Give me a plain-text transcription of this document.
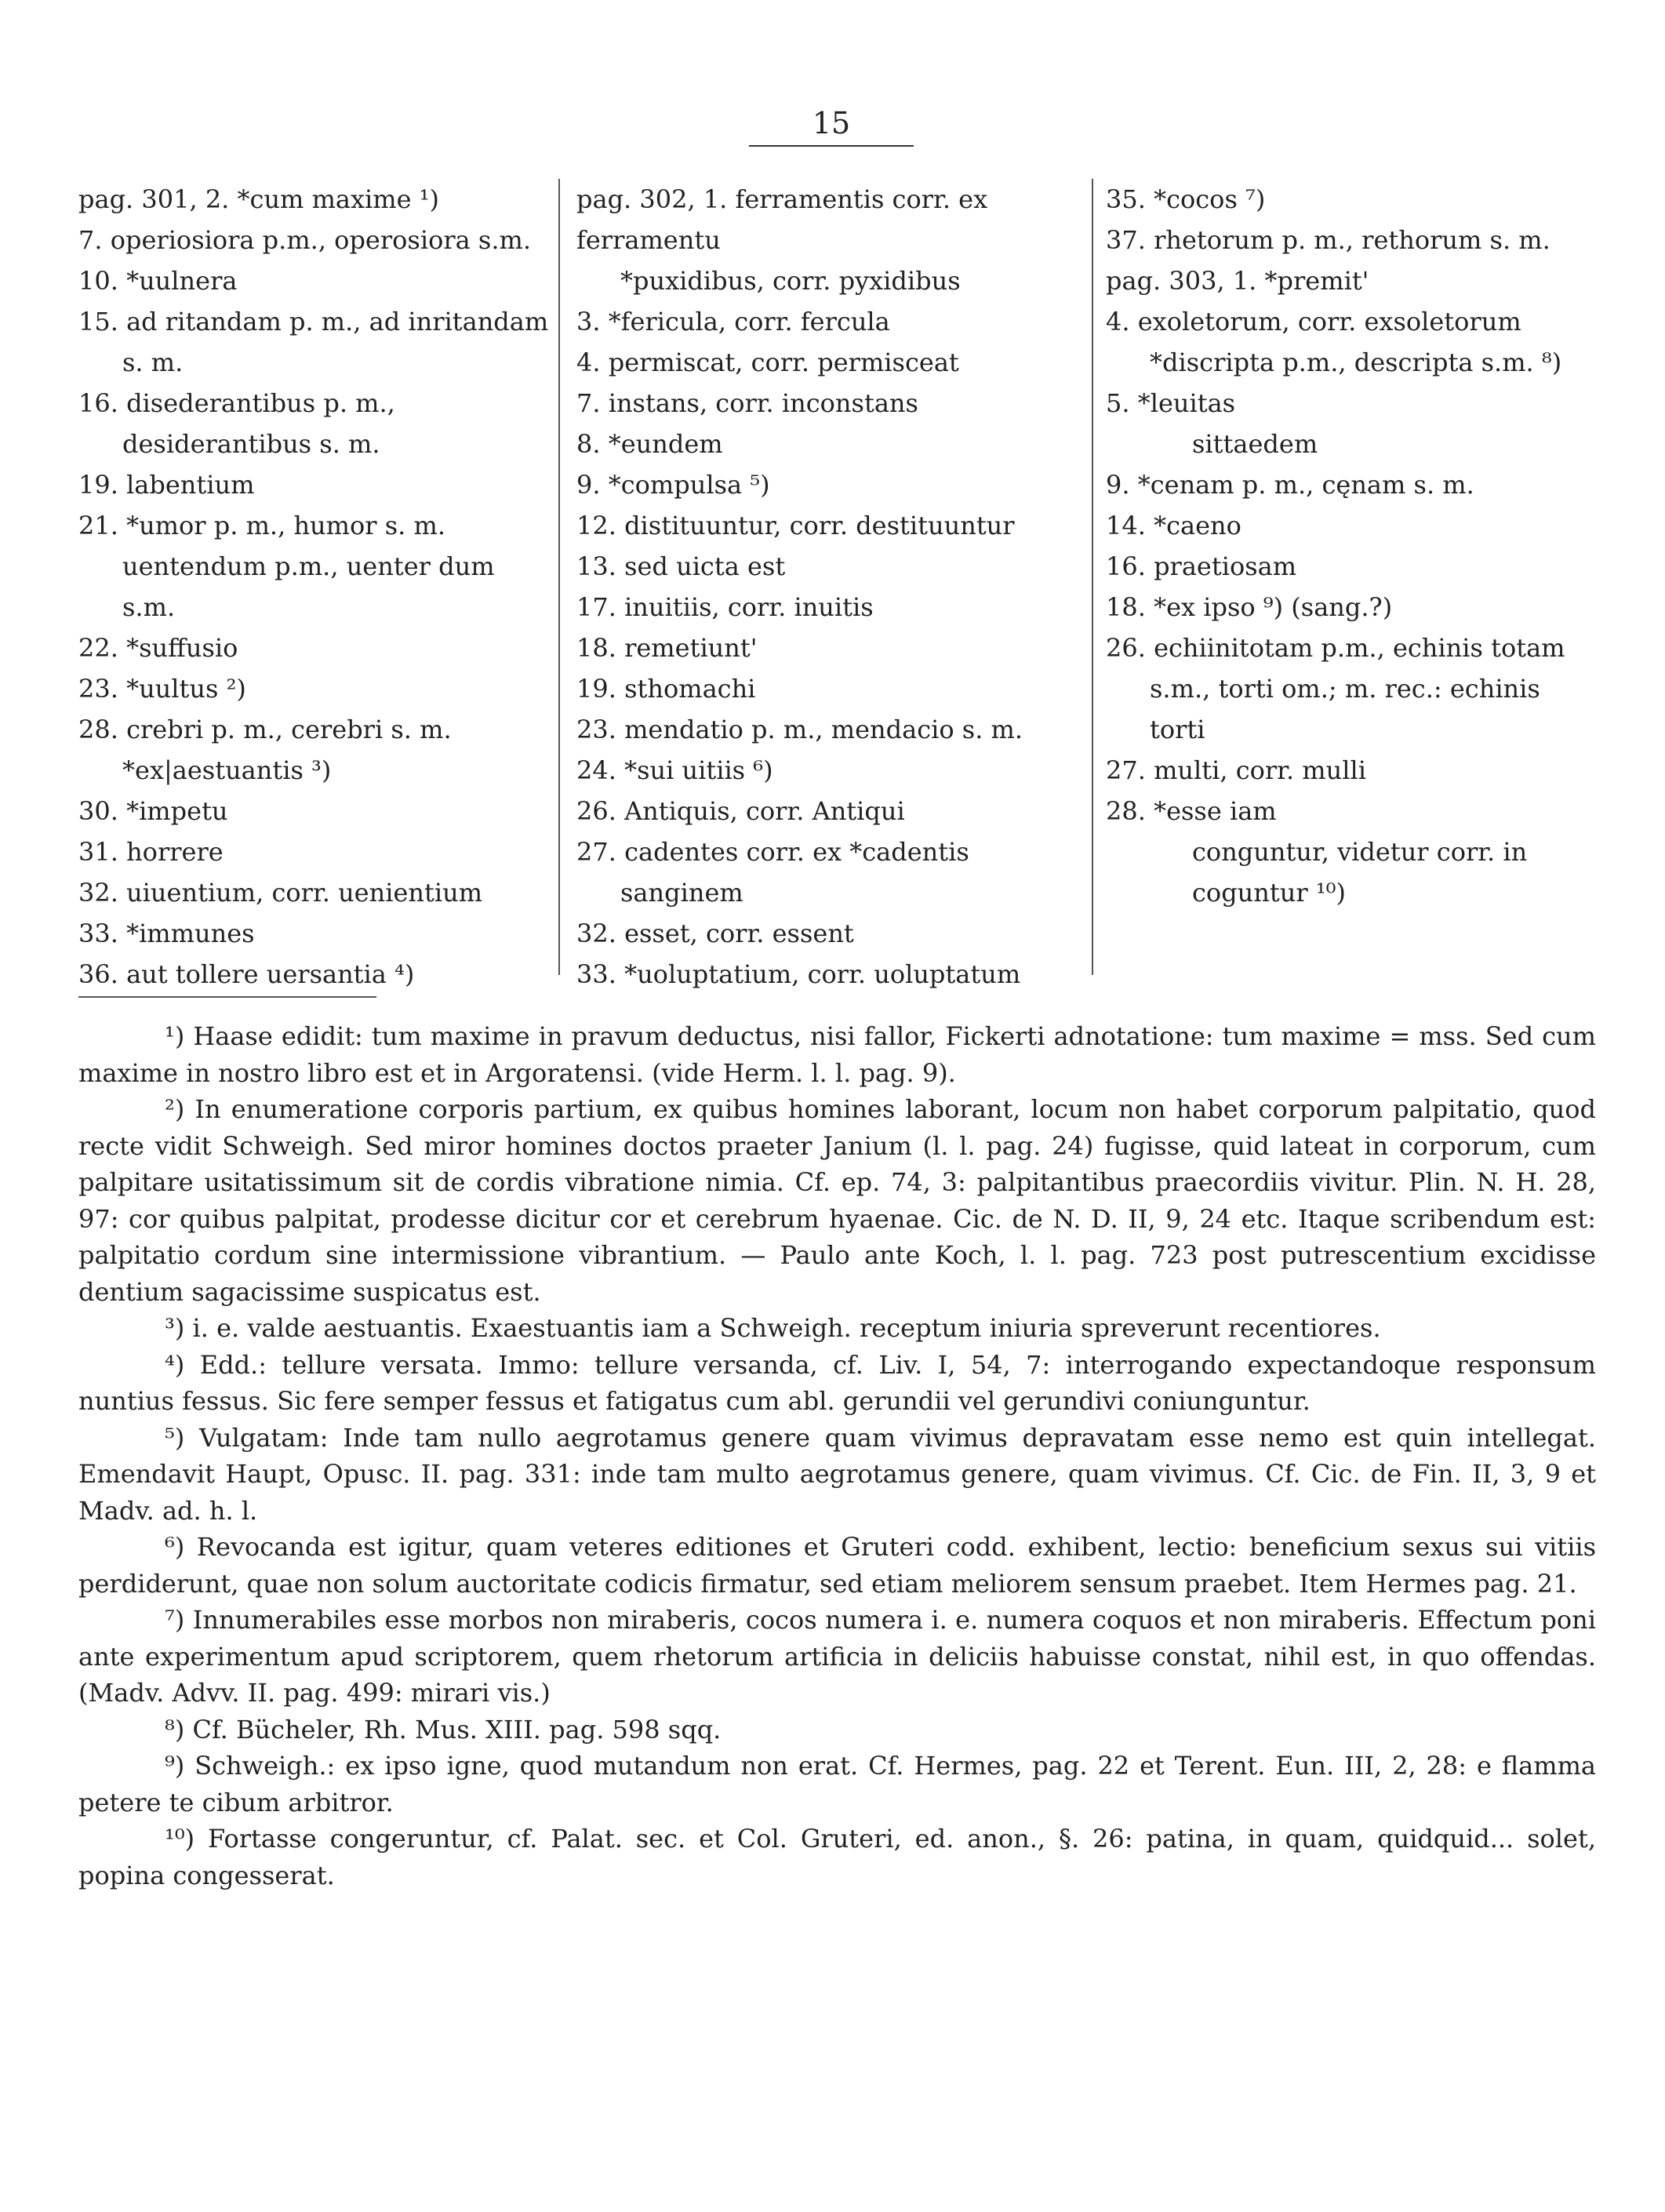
15
pag. 301, 2. *cum maxime ¹)
7. operiosiora p.m., operosiora s.m.
10. *uulnera
15. ad ritandam p. m., ad inritandam s. m.
16. disederantibus p. m., desiderantibus s. m.
19. labentium
21. *umor p. m., humor s. m.
uentendum p.m., uenter dum s.m.
22. *suffusio
23. *uultus ²)
28. crebri p. m., cerebri s. m.
*ex|aestuantis ³)
30. *impetu
31. horrere
32. uiuentium, corr. uenientium
33. *immunes
36. aut tollere uersantia ⁴)
pag. 302, 1. ferramentis corr. ex ferramentu
*puxidibus, corr. pyxidibus
3. *fericula, corr. fercula
4. permiscat, corr. permisceat
7. instans, corr. inconstans
8. *eundem
9. *compulsa ⁵)
12. distituuntur, corr. destituuntur
13. sed uicta est
17. inuitiis, corr. inuitis
18. remetiunt'
19. sthomachi
23. mendatio p. m., mendacio s. m.
24. *sui uitiis ⁶)
26. Antiquis, corr. Antiqui
27. cadentes corr. ex *cadentis sanginem
32. esset, corr. essent
33. *uoluptatium, corr. uoluptatum
35. *cocos ⁷)
37. rhetorum p. m., rethorum s. m.
pag. 303, 1. *premit'
4. exoletorum, corr. exsoletorum
*discripta p.m., descripta s.m. ⁸)
5. *leuitas
sittaedem
9. *cenam p. m., cęnam s. m.
14. *caeno
16. praetiosam
18. *ex ipso ⁹) (sang.?)
26. echiinitotam p.m., echinis totam s.m., torti om.; m. rec.: echinis torti
27. multi, corr. mulli
28. *esse iam
conguntur, videtur corr. in coguntur ¹⁰)

¹) Haase edidit: tum maxime in pravum deductus, nisi fallor, Fickerti adnotatione: tum maxime = mss. Sed cum maxime in nostro libro est et in Argoratensi. (vide Herm. l. l. pag. 9).

²) In enumeratione corporis partium, ex quibus homines laborant, locum non habet corporum palpitatio, quod recte vidit Schweigh. Sed miror homines doctos praeter Janium (l. l. pag. 24) fugisse, quid lateat in corporum, cum palpitare usitatissimum sit de cordis vibratione nimia. Cf. ep. 74, 3: palpitantibus praecordiis vivitur. Plin. N. H. 28, 97: cor quibus palpitat, prodesse dicitur cor et cerebrum hyaenae. Cic. de N. D. II, 9, 24 etc. Itaque scribendum est: palpitatio cordum sine intermissione vibrantium. — Paulo ante Koch, l. l. pag. 723 post putrescentium excidisse dentium sagacissime suspicatus est.

³) i. e. valde aestuantis. Exaestuantis iam a Schweigh. receptum iniuria spreverunt recentiores.

⁴) Edd.: tellure versata. Immo: tellure versanda, cf. Liv. I, 54, 7: interrogando expectandoque responsum nuntius fessus. Sic fere semper fessus et fatigatus cum abl. gerundii vel gerundivi coniunguntur.

⁵) Vulgatam: Inde tam nullo aegrotamus genere quam vivimus depravatam esse nemo est quin intellegat. Emendavit Haupt, Opusc. II. pag. 331: inde tam multo aegrotamus genere, quam vivimus. Cf. Cic. de Fin. II, 3, 9 et Madv. ad. h. l.

⁶) Revocanda est igitur, quam veteres editiones et Gruteri codd. exhibent, lectio: beneficium sexus sui vitiis perdiderunt, quae non solum auctoritate codicis firmatur, sed etiam meliorem sensum praebet. Item Hermes pag. 21.

⁷) Innumerabiles esse morbos non miraberis, cocos numera i. e. numera coquos et non miraberis. Effectum poni ante experimentum apud scriptorem, quem rhetorum artificia in deliciis habuisse constat, nihil est, in quo offendas. (Madv. Advv. II. pag. 499: mirari vis.)

⁸) Cf. Bücheler, Rh. Mus. XIII. pag. 598 sqq.

⁹) Schweigh.: ex ipso igne, quod mutandum non erat. Cf. Hermes, pag. 22 et Terent. Eun. III, 2, 28: e flamma petere te cibum arbitror.

¹⁰) Fortasse congeruntur, cf. Palat. sec. et Col. Gruteri, ed. anon., §. 26: patina, in quam, quidquid... solet, popina congesserat.
